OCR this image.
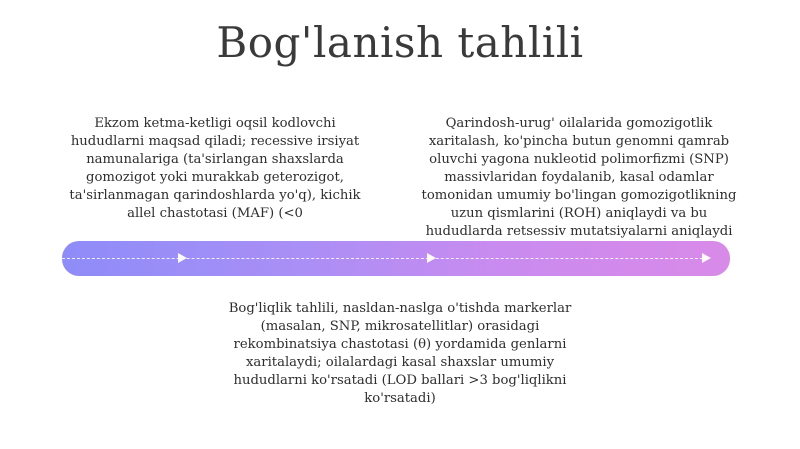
Bog'lanish tahlili
Ekzom ketma-ketligi oqsil kodlovchi hududlarni maqsad qiladi; recessive irsiyat namunalariga (ta'sirlangan shaxslarda gomozigot yoki murakkab geterozigot, ta'sirlanmagan qarindoshlarda yo'q), kichik allel chastotasi (MAF) (<0
Qarindosh-urug' oilalarida gomozigotlik xaritalash, ko'pincha butun genomni qamrab oluvchi yagona nukleotid polimorfizmi (SNP) massivlaridan foydalanib, kasal odamlar tomonidan umumiy bo'lingan gomozigotlikning uzun qismlarini (ROH) aniqlaydi va bu hududlarda retsessiv mutatsiyalarni aniqlaydi
Bog'liqlik tahlili, nasldan-naslga o'tishda markerlar (masalan, SNP, mikrosatellitlar) orasidagi rekombinatsiya chastotasi (θ) yordamida genlarni xaritalaydi; oilalardagi kasal shaxslar umumiy hududlarni ko'rsatadi (LOD ballari >3 bog'liqlikni ko'rsatadi)
